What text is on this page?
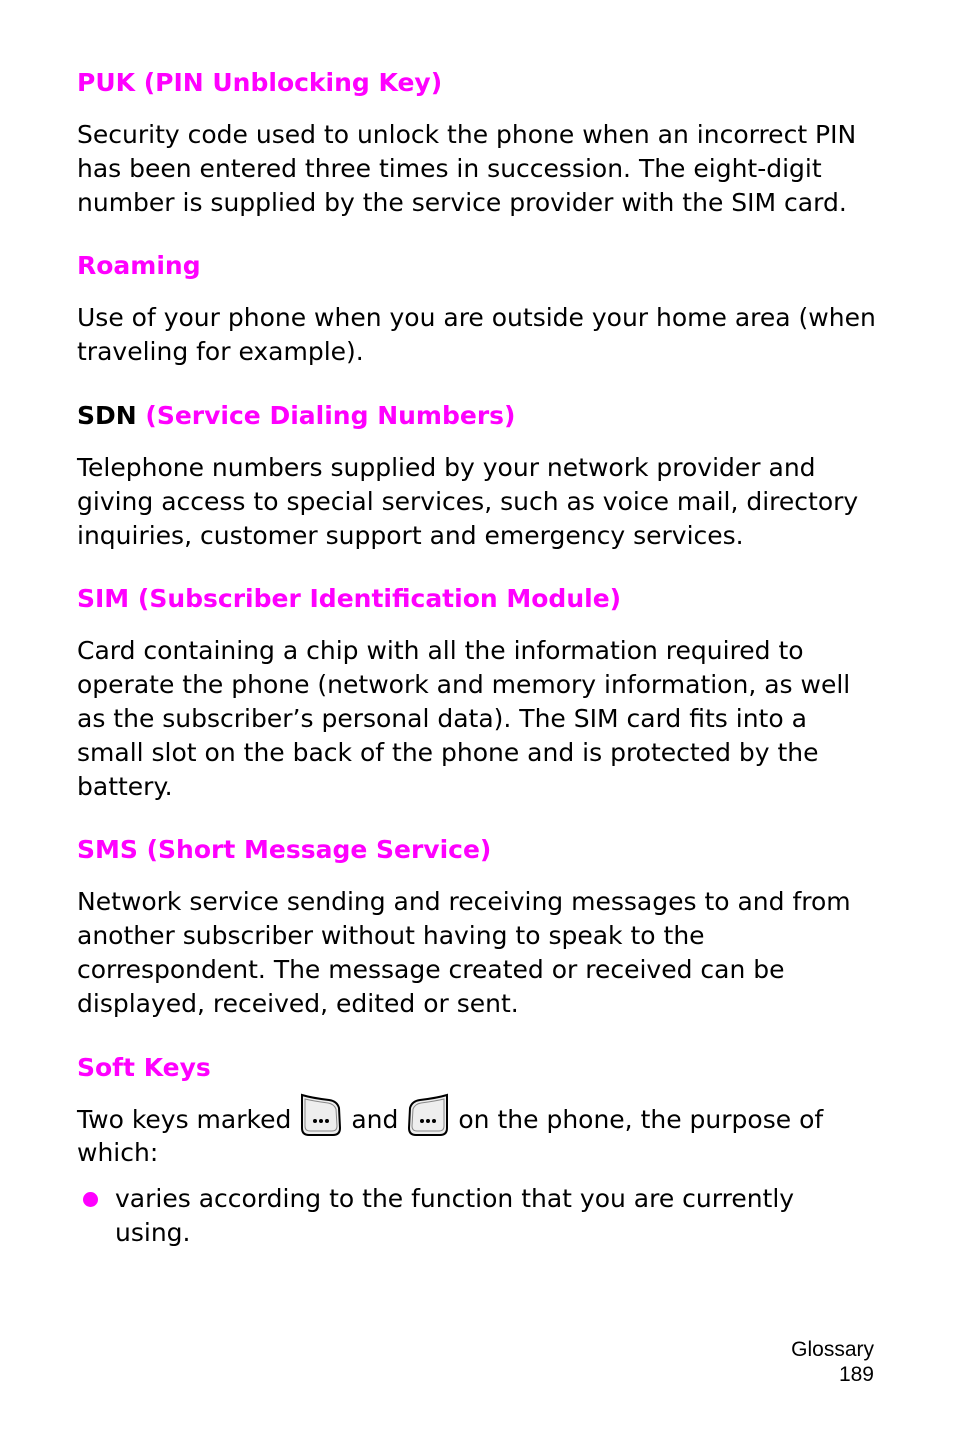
PUK (PIN Unblocking Key)

Security code used to unlock the phone when an incorrect PIN has been entered three times in succession. The eight-digit number is supplied by the service provider with the SIM card.

Roaming

Use of your phone when you are outside your home area (when traveling for example).

SDN (Service Dialing Numbers)

Telephone numbers supplied by your network provider and giving access to special services, such as voice mail, directory inquiries, customer support and emergency services.

SIM (Subscriber Identification Module)

Card containing a chip with all the information required to operate the phone (network and memory information, as well as the subscriber’s personal data). The SIM card fits into a small slot on the back of the phone and is protected by the battery.

SMS (Short Message Service)

Network service sending and receiving messages to and from another subscriber without having to speak to the correspondent. The message created or received can be displayed, received, edited or sent.

Soft Keys

Two keys marked and on the phone, the purpose of which:

varies according to the function that you are currently using.
Glossary
189
